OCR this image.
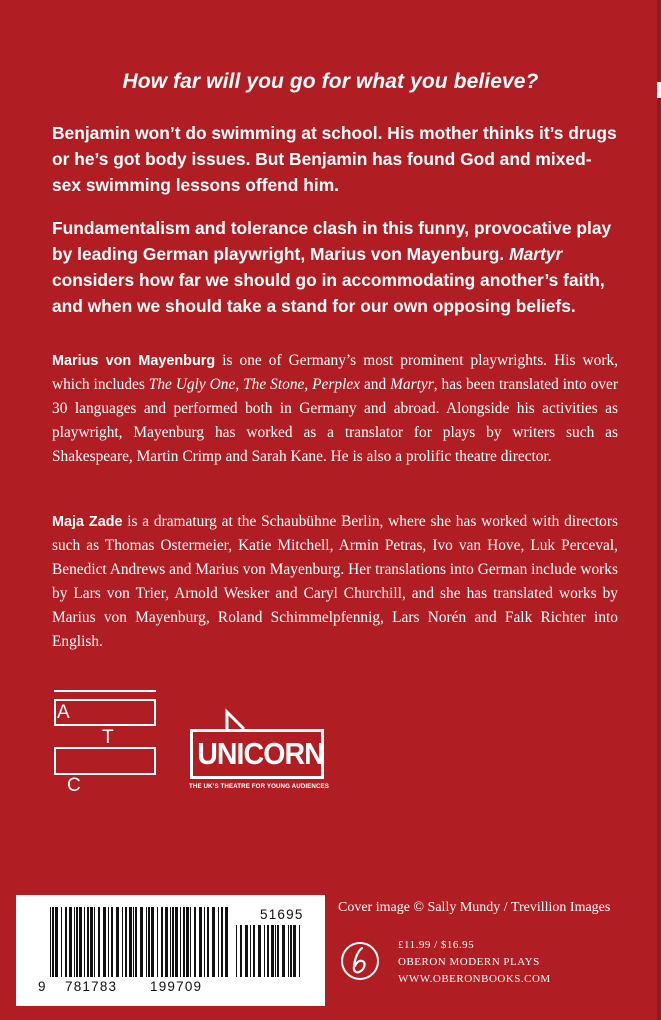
How far will you go for what you believe?

Benjamin won’t do swimming at school. His mother thinks it’s drugs or he’s got body issues. But Benjamin has found God and mixed-sex swimming lessons offend him.

Fundamentalism and tolerance clash in this funny, provocative play by leading German playwright, Marius von Mayenburg. Martyr considers how far we should go in accommodating another’s faith, and when we should take a stand for our own opposing beliefs.

Marius von Mayenburg is one of Germany’s most prominent playwrights. His work, which includes The Ugly One, The Stone, Perplex and Martyr, has been translated into over 30 languages and performed both in Germany and abroad. Alongside his activities as playwright, Mayenburg has worked as a translator for plays by writers such as Shakespeare, Martin Crimp and Sarah Kane. He is also a prolific theatre director.

Maja Zade is a dramaturg at the Schaubühne Berlin, where she has worked with directors such as Thomas Ostermeier, Katie Mitchell, Armin Petras, Ivo van Hove, Luk Perceval, Benedict Andrews and Marius von Mayenburg. Her translations into German include works by Lars von Trier, Arnold Wesker and Caryl Churchill, and she has translated works by Marius von Mayenburg, Roland Schimmelpfennig, Lars Norén and Falk Richter into English.

A
T
C
UNICORN
THE UK’S THEATRE FOR YOUNG AUDIENCES
9 781783 199709
51695 Cover image © Sally Mundy / Trevillion Images
£11.99 / $16.95
OBERON MODERN PLAYS
WWW.OBERONBOOKS.COM
